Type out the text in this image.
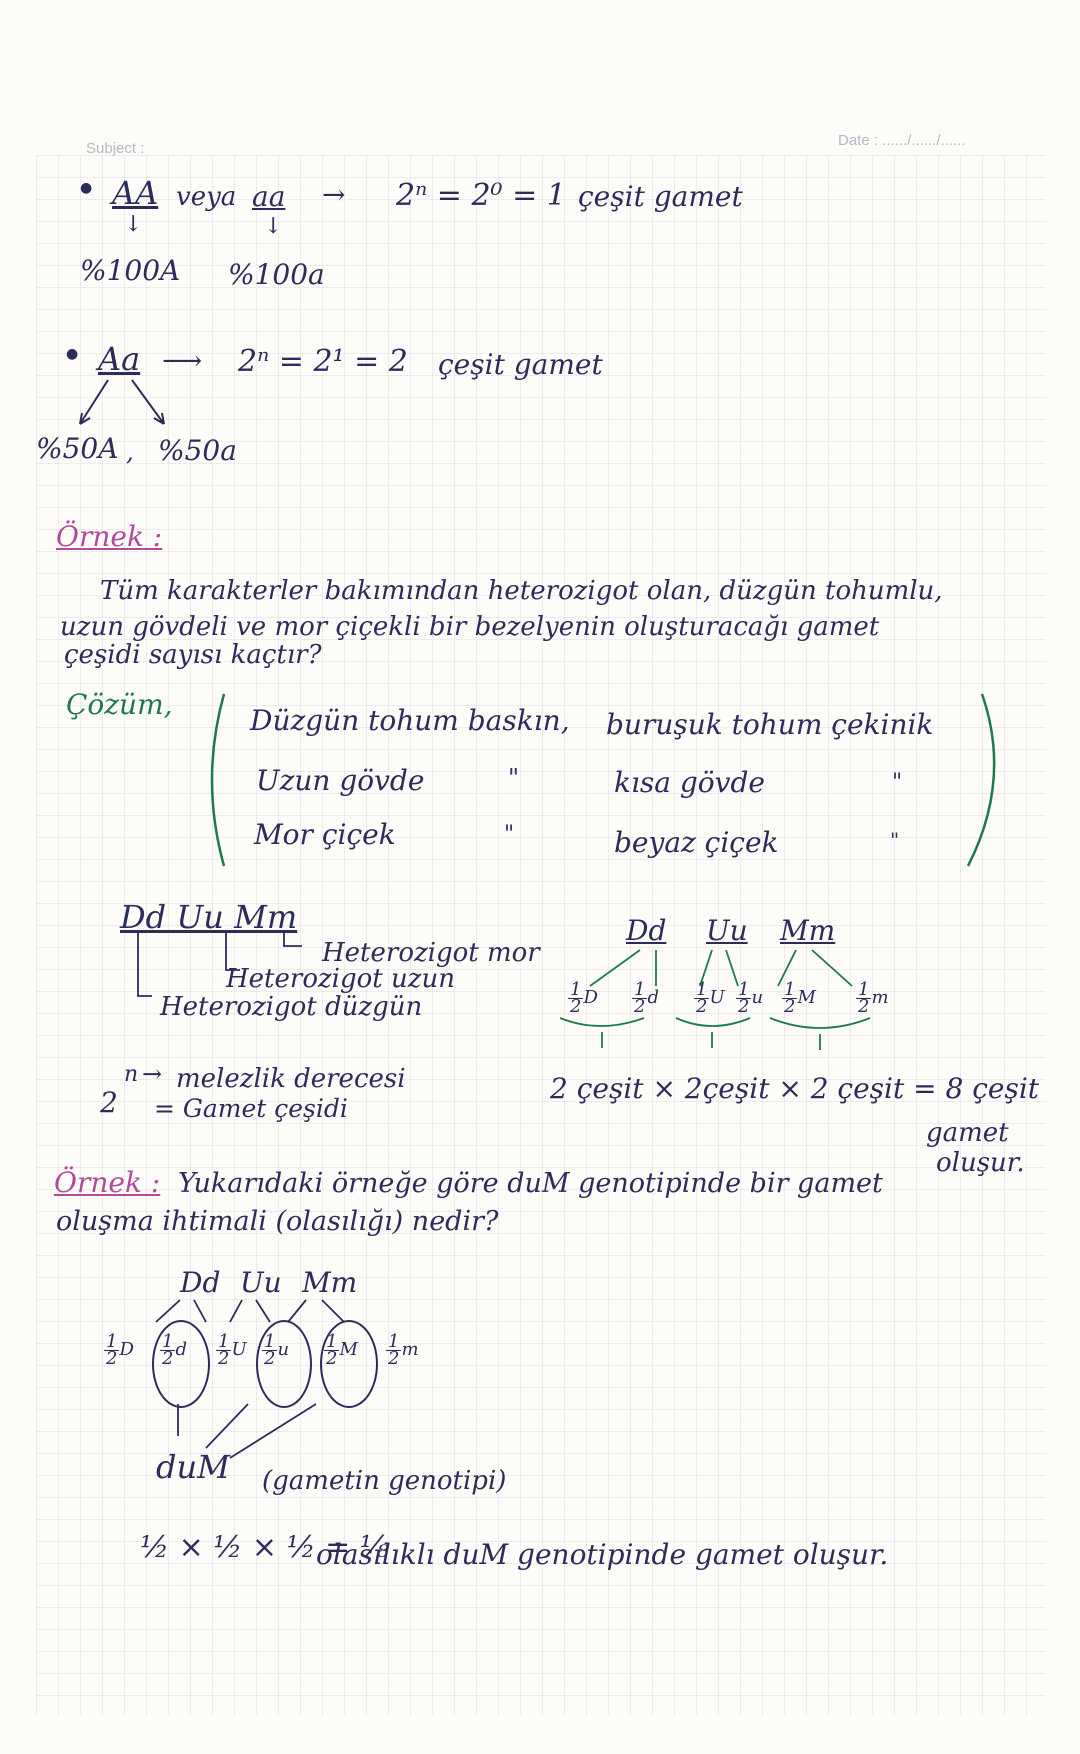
Subject :	Date : ....../....../......
● AA veya aa → 2ⁿ = 2⁰ = 1 çeşit gamet
↓	↓
%100A %100a
● Aa ⟶ 2ⁿ = 2¹ = 2 çeşit gamet
%50A , %50a
Örnek :
Tüm karakterler bakımından heterozigot olan, düzgün tohumlu,
uzun gövdeli ve mor çiçekli bir bezelyenin oluşturacağı gamet
çeşidi sayısı kaçtır?
Çözüm,	Düzgün tohum baskın, buruşuk tohum çekinik
Uzun gövde	"	kısa gövde	"
Mor çiçek	"	beyaz çiçek	"
Dd Uu Mm
Heterozigot mor
Heterozigot uzun
Heterozigot düzgün
2
n → melezlik derecesi
= Gamet çeşidi
Dd Uu Mm
$\frac{1}{2}$ D $\frac{1}{2}$ d $\frac{1}{2}$ U $\frac{1}{2}$ u $\frac{1}{2}$ M $\frac{1}{2}$ m
2 çeşit × 2çeşit × 2 çeşit = 8 çeşit
gamet
oluşur.
Örnek : Yukarıdaki örneğe göre duM genotipinde bir gamet
oluşma ihtimali (olasılığı) nedir?
Dd Uu Mm
$\frac{1}{2}$ D $\frac{1}{2}$ d $\frac{1}{2}$ U $\frac{1}{2}$ u $\frac{1}{2}$ M $\frac{1}{2}$ m
duM (gametin genotipi)
½ × ½ × ½ = ⅛
olasılıklı duM genotipinde gamet oluşur.
